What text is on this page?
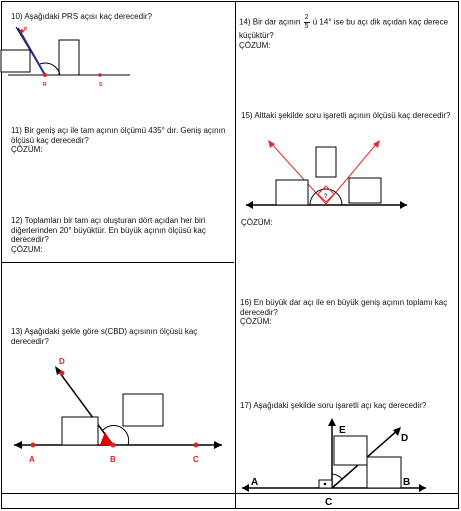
10) Aşağıdaki PRS açısı kaç derecedir?
P
R	S
11) Bir geniş açı ile tam açının ölçümü 435° dır. Geniş açının ölçüsü kaç derecedir?
ÇÖZÜM:
12) Toplamları bir tam açı oluşturan dört açıdan her biri diğerlerinden 20° büyüktür. En büyük açının ölçüsü kaç derecedir?
ÇÖZUM:
13) Aşağıdaki şekle göre s(CBD) açısının ölçüsü kaç derecedir?
A	B	C
D
14) Bir dar açının $\frac{2}{5}$ ü 14° ise bu açı dik açıdan kaç derece küçüktür?
ÇÖZUM:
15) Alttaki şekilde soru işaretli açının ölçüsü kaç derecedir?
?
ÇÖZÜM:
16) En büyük dar açı ile en büyük geniş açının toplamı kaç derecedir?
ÇÖZÜM:
17) Aşağıdaki şekilde soru işaretli açı kaç derecedir?
A	B
C
D
E
